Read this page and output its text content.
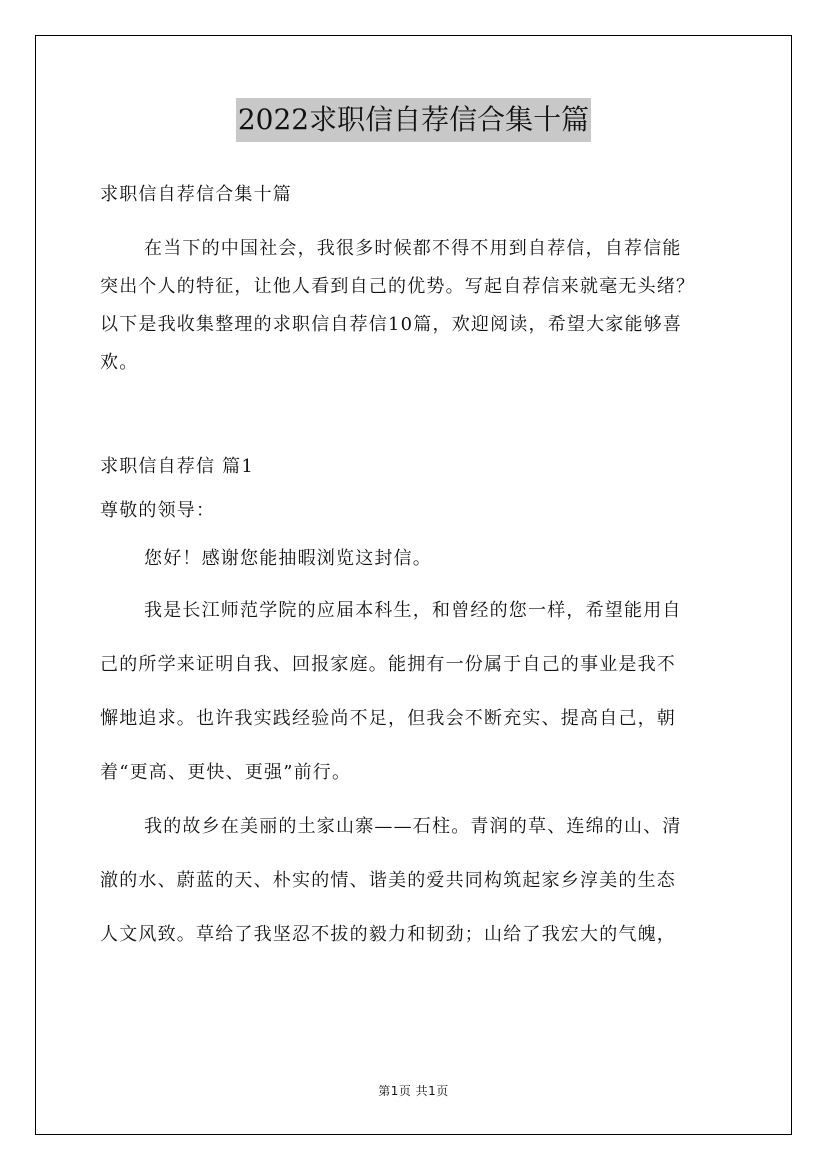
2022求职信自荐信合集十篇

求职信自荐信合集十篇

在当下的中国社会，我很多时候都不得不用到自荐信，自荐信能
突出个人的特征，让他人看到自己的优势。写起自荐信来就毫无头绪？
以下是我收集整理的求职信自荐信10篇，欢迎阅读，希望大家能够喜
欢。

求职信自荐信 篇1

尊敬的领导：

您好！感谢您能抽暇浏览这封信。

我是长江师范学院的应届本科生，和曾经的您一样，希望能用自
己的所学来证明自我、回报家庭。能拥有一份属于自己的事业是我不
懈地追求。也许我实践经验尚不足，但我会不断充实、提高自己，朝
着“更高、更快、更强”前行。

我的故乡在美丽的土家山寨——石柱。青润的草、连绵的山、清
澈的水、蔚蓝的天、朴实的情、谐美的爱共同构筑起家乡淳美的生态
人文风致。草给了我坚忍不拔的毅力和韧劲；山给了我宏大的气魄，

第1页 共1页
